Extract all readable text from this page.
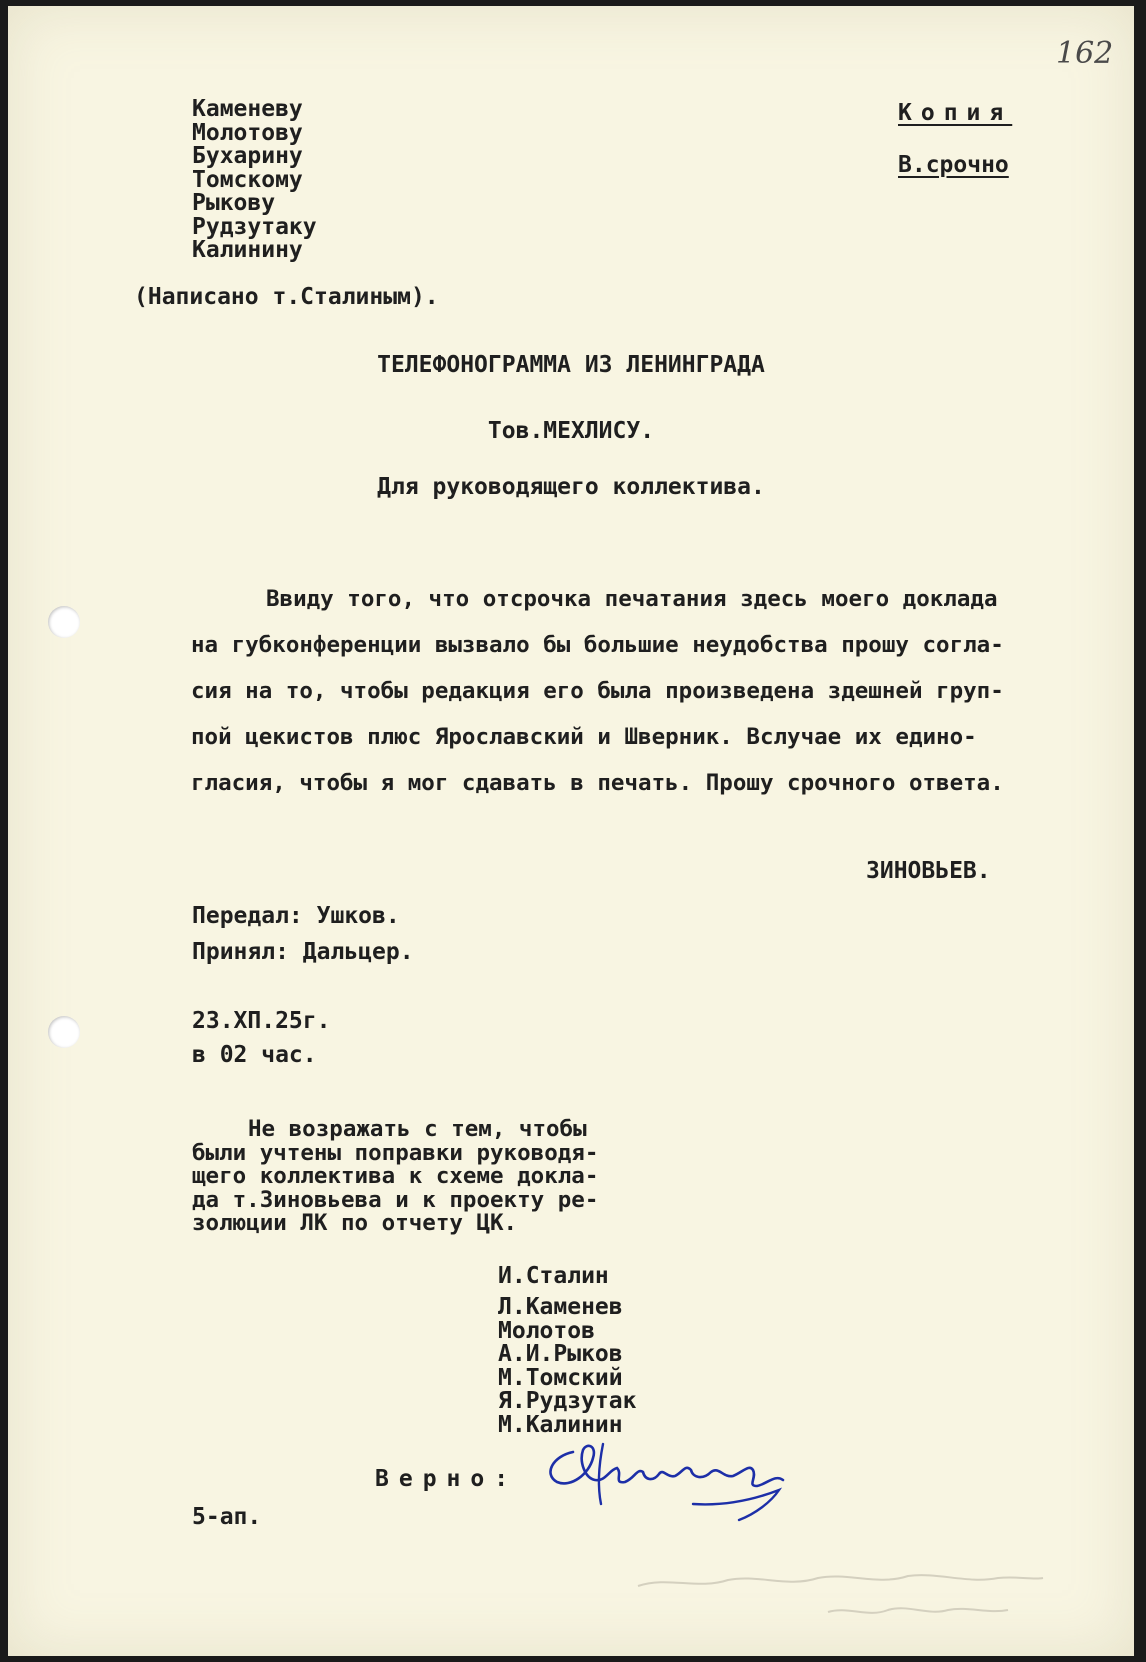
162
Каменеву
Молотову
Бухарину
Томскому
Рыкову
Рудзутаку
Калинину
Копия
В.срочно
(Написано т.Сталиным).
ТЕЛЕФОНОГРАММА ИЗ ЛЕНИНГРАДА
Тов.МЕХЛИСУ.
Для руководящего коллектива.
Ввиду того, что отсрочка печатания здесь моего доклада
на губконференции вызвало бы большие неудобства прошу согла-
сия на то, чтобы редакция его была произведена здешней груп-
пой цекистов плюс Ярославский и Шверник. Вслучае их едино-
гласия, чтобы я мог сдавать в печать. Прошу срочного ответа.
ЗИНОВЬЕВ.
Передал: Ушков.
Принял: Дальцер.
23.ХП.25г.
в 02 час.
Не возражать с тем, чтобы
были учтены поправки руководя-
щего коллектива к схеме докла-
да т.Зиновьева и к проекту ре-
золюции ЛК по отчету ЦК.
И.Сталин
Л.Каменев
Молотов
А.И.Рыков
М.Томский
Я.Рудзутак
М.Калинин
Верно:
5-ап.
